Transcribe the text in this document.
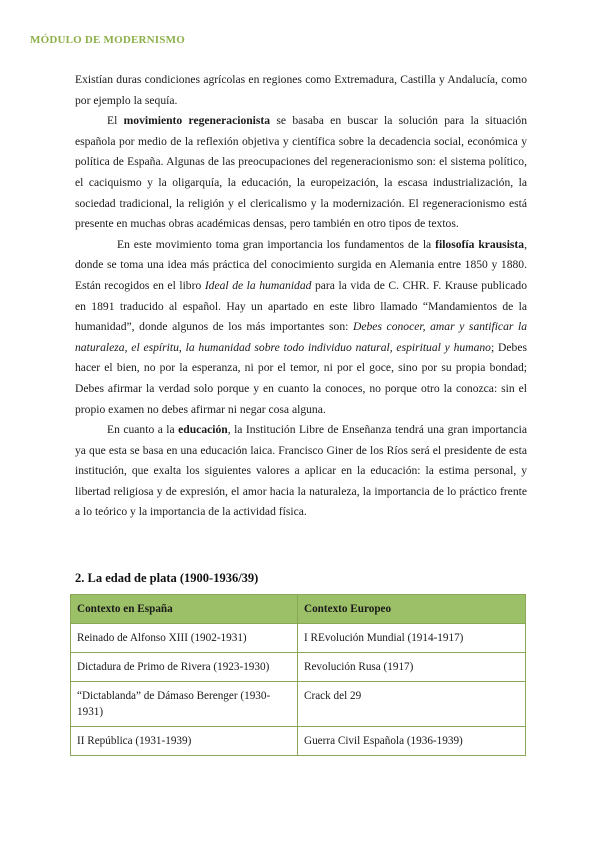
MÓDULO DE MODERNISMO

Existían duras condiciones agrícolas en regiones como Extremadura, Castilla y Andalucía, como por ejemplo la sequía.

El movimiento regeneracionista se basaba en buscar la solución para la situación española por medio de la reflexión objetiva y científica sobre la decadencia social, económica y política de España. Algunas de las preocupaciones del regeneracionismo son: el sistema político, el caciquismo y la oligarquía, la educación, la europeización, la escasa industrialización, la sociedad tradicional, la religión y el clericalismo y la modernización. El regeneracionismo está presente en muchas obras académicas densas, pero también en otro tipos de textos.

En este movimiento toma gran importancia los fundamentos de la filosofía krausista, donde se toma una idea más práctica del conocimiento surgida en Alemania entre 1850 y 1880. Están recogidos en el libro Ideal de la humanidad para la vida de C. CHR. F. Krause publicado en 1891 traducido al español. Hay un apartado en este libro llamado “Mandamientos de la humanidad”, donde algunos de los más importantes son: Debes conocer, amar y santificar la naturaleza, el espíritu, la humanidad sobre todo individuo natural, espiritual y humano; Debes hacer el bien, no por la esperanza, ni por el temor, ni por el goce, sino por su propia bondad; Debes afirmar la verdad solo porque y en cuanto la conoces, no porque otro la conozca: sin el propio examen no debes afirmar ni negar cosa alguna.

En cuanto a la educación, la Institución Libre de Enseñanza tendrá una gran importancia ya que esta se basa en una educación laica. Francisco Giner de los Ríos será el presidente de esta institución, que exalta los siguientes valores a aplicar en la educación: la estima personal, y libertad religiosa y de expresión, el amor hacia la naturaleza, la importancia de lo práctico frente a lo teórico y la importancia de la actividad física.

2. La edad de plata (1900-1936/39)
Contexto en España	Contexto Europeo
Reinado de Alfonso XIII (1902-1931)	I REvolución Mundial (1914-1917)
Dictadura de Primo de Rivera (1923-1930)	Revolución Rusa (1917)
“Dictablanda” de Dámaso Berenger (1930-1931)	Crack del 29
II República (1931-1939)	Guerra Civil Española (1936-1939)
